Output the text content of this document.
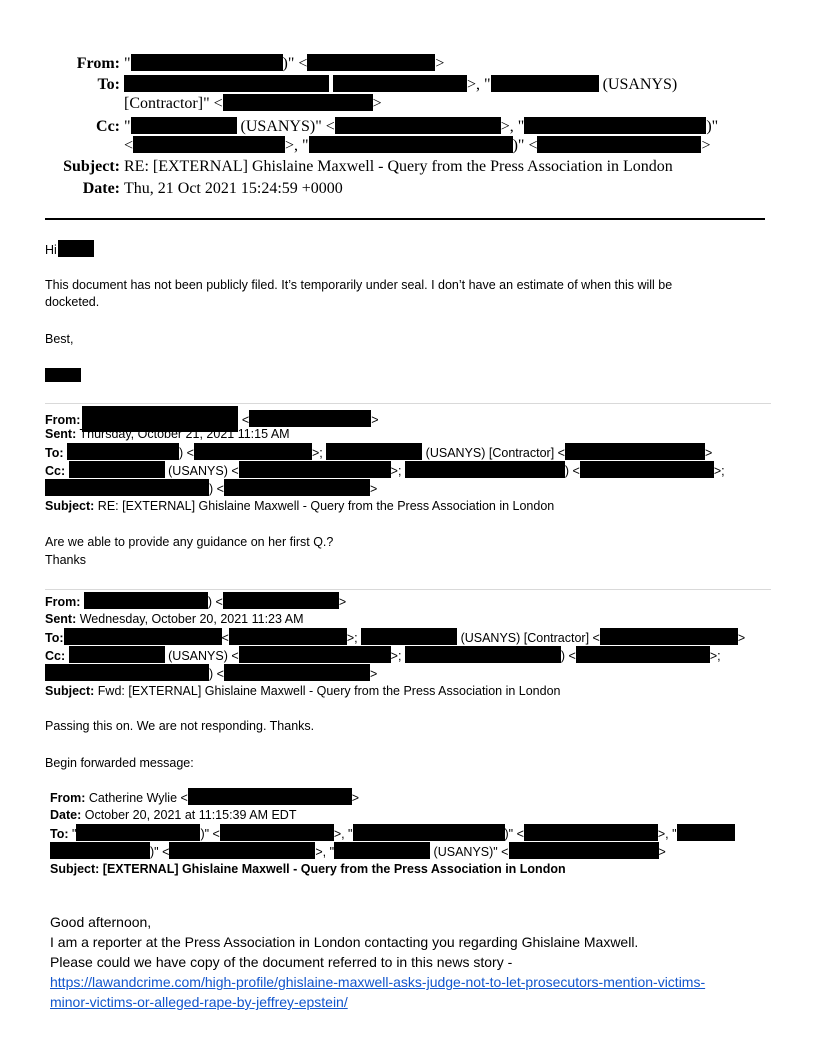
From: "	)" <	>
To:	>, "	(USANYS)
[Contractor]" <	>
Cc: "	(USANYS)" <	>, "	)"
<	>, "	)" <	>
Subject: RE: [EXTERNAL] Ghislaine Maxwell - Query from the Press Association in London
Date: Thu, 21 Oct 2021 15:24:59 +0000
Hi
This document has not been publicly filed. It’s temporarily under seal. I don’t have an estimate of when this will be
docketed.
Best,
From:	<	>
Sent: Thursday, October 21, 2021 11:15 AM
To:	) <	>;	(USANYS) [Contractor] <	>
Cc:	(USANYS) <	>;	) <	>;
) <	>
Subject: RE: [EXTERNAL] Ghislaine Maxwell - Query from the Press Association in London
Are we able to provide any guidance on her first Q.?
Thanks
From:	) <	>
Sent: Wednesday, October 20, 2021 11:23 AM
To:	<	>;	(USANYS) [Contractor] <	>
Cc:	(USANYS) <	>;	) <	>;
) <	>
Subject: Fwd: [EXTERNAL] Ghislaine Maxwell - Query from the Press Association in London
Passing this on. We are not responding. Thanks.
Begin forwarded message:
From: Catherine Wylie <	>
Date: October 20, 2021 at 11:15:39 AM EDT
To: "	)" <	>, "	)" <	>, "
)" <	>, "	(USANYS)" <	>
Subject: [EXTERNAL] Ghislaine Maxwell - Query from the Press Association in London
Good afternoon,
I am a reporter at the Press Association in London contacting you regarding Ghislaine Maxwell.
Please could we have copy of the document referred to in this news story -
https://lawandcrime.com/high-profile/ghislaine-maxwell-asks-judge-not-to-let-prosecutors-mention-victims-
minor-victims-or-alleged-rape-by-jeffrey-epstein/
